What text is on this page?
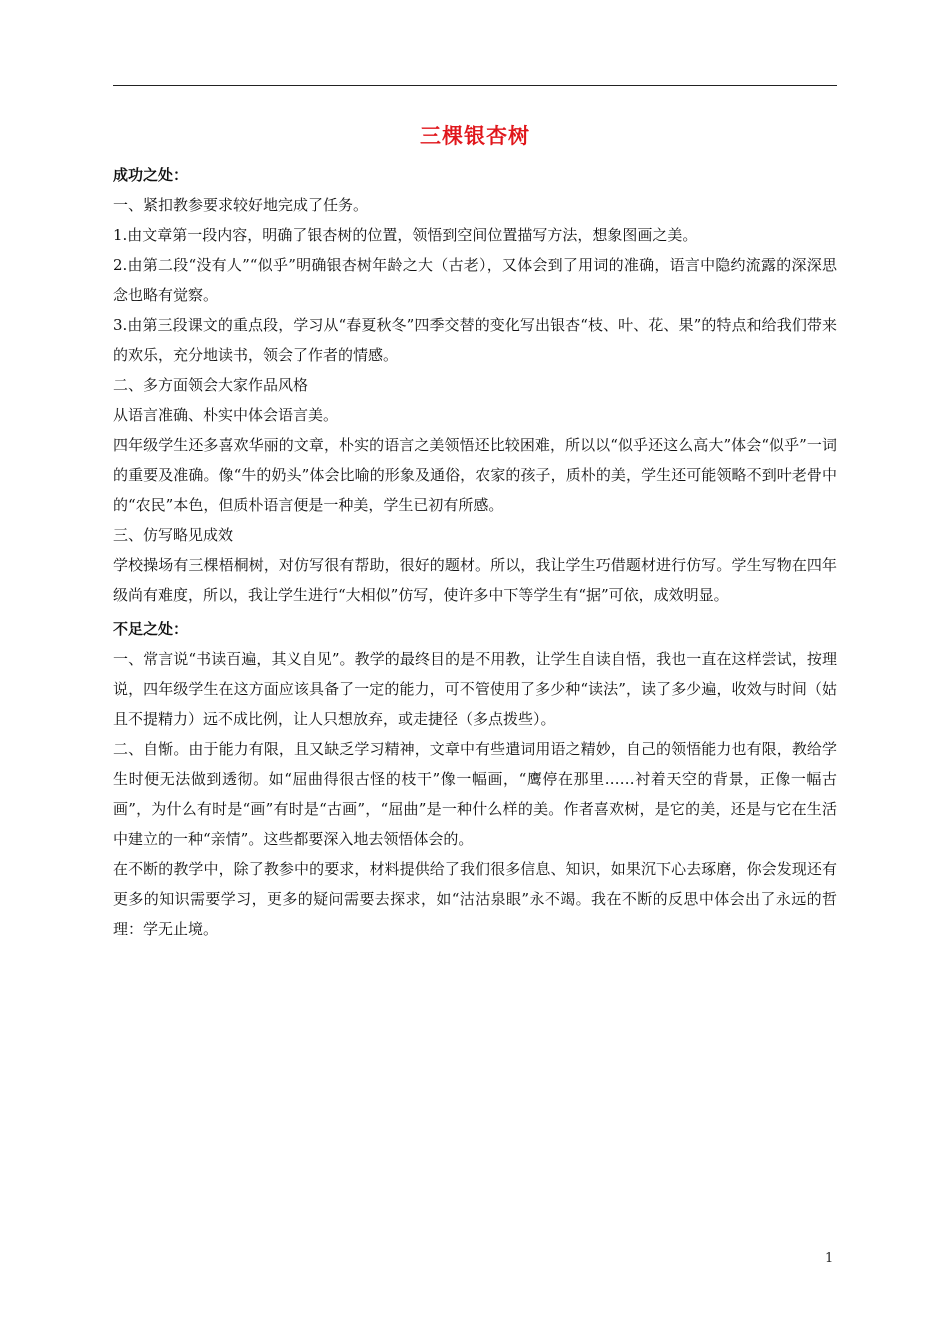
三棵银杏树

成功之处：

一、紧扣教参要求较好地完成了任务。

1.由文章第一段内容，明确了银杏树的位置，领悟到空间位置描写方法，想象图画之美。

2.由第二段“没有人”“似乎”明确银杏树年龄之大（古老），又体会到了用词的准确，语言中隐约流露的深深思念也略有觉察。

3.由第三段课文的重点段，学习从“春夏秋冬”四季交替的变化写出银杏“枝、叶、花、果”的特点和给我们带来的欢乐，充分地读书，领会了作者的情感。

二、多方面领会大家作品风格

从语言准确、朴实中体会语言美。

四年级学生还多喜欢华丽的文章，朴实的语言之美领悟还比较困难，所以以“似乎还这么高大”体会“似乎”一词的重要及准确。像“牛的奶头”体会比喻的形象及通俗，农家的孩子，质朴的美，学生还可能领略不到叶老骨中的“农民”本色，但质朴语言便是一种美，学生已初有所感。

三、仿写略见成效

学校操场有三棵梧桐树，对仿写很有帮助，很好的题材。所以，我让学生巧借题材进行仿写。学生写物在四年级尚有难度，所以，我让学生进行“大相似”仿写，使许多中下等学生有“据”可依，成效明显。

不足之处：

一、常言说“书读百遍，其义自见”。教学的最终目的是不用教，让学生自读自悟，我也一直在这样尝试，按理说，四年级学生在这方面应该具备了一定的能力，可不管使用了多少种“读法”，读了多少遍，收效与时间（姑且不提精力）远不成比例，让人只想放弃，或走捷径（多点拨些）。

二、自惭。由于能力有限，且又缺乏学习精神，文章中有些遣词用语之精妙，自己的领悟能力也有限，教给学生时便无法做到透彻。如“屈曲得很古怪的枝干”像一幅画，“鹰停在那里……衬着天空的背景，正像一幅古画”，为什么有时是“画”有时是“古画”，“屈曲”是一种什么样的美。作者喜欢树，是它的美，还是与它在生活中建立的一种“亲情”。这些都要深入地去领悟体会的。

在不断的教学中，除了教参中的要求，材料提供给了我们很多信息、知识，如果沉下心去琢磨，你会发现还有更多的知识需要学习，更多的疑问需要去探求，如“沽沽泉眼”永不竭。我在不断的反思中体会出了永远的哲理：学无止境。

1
